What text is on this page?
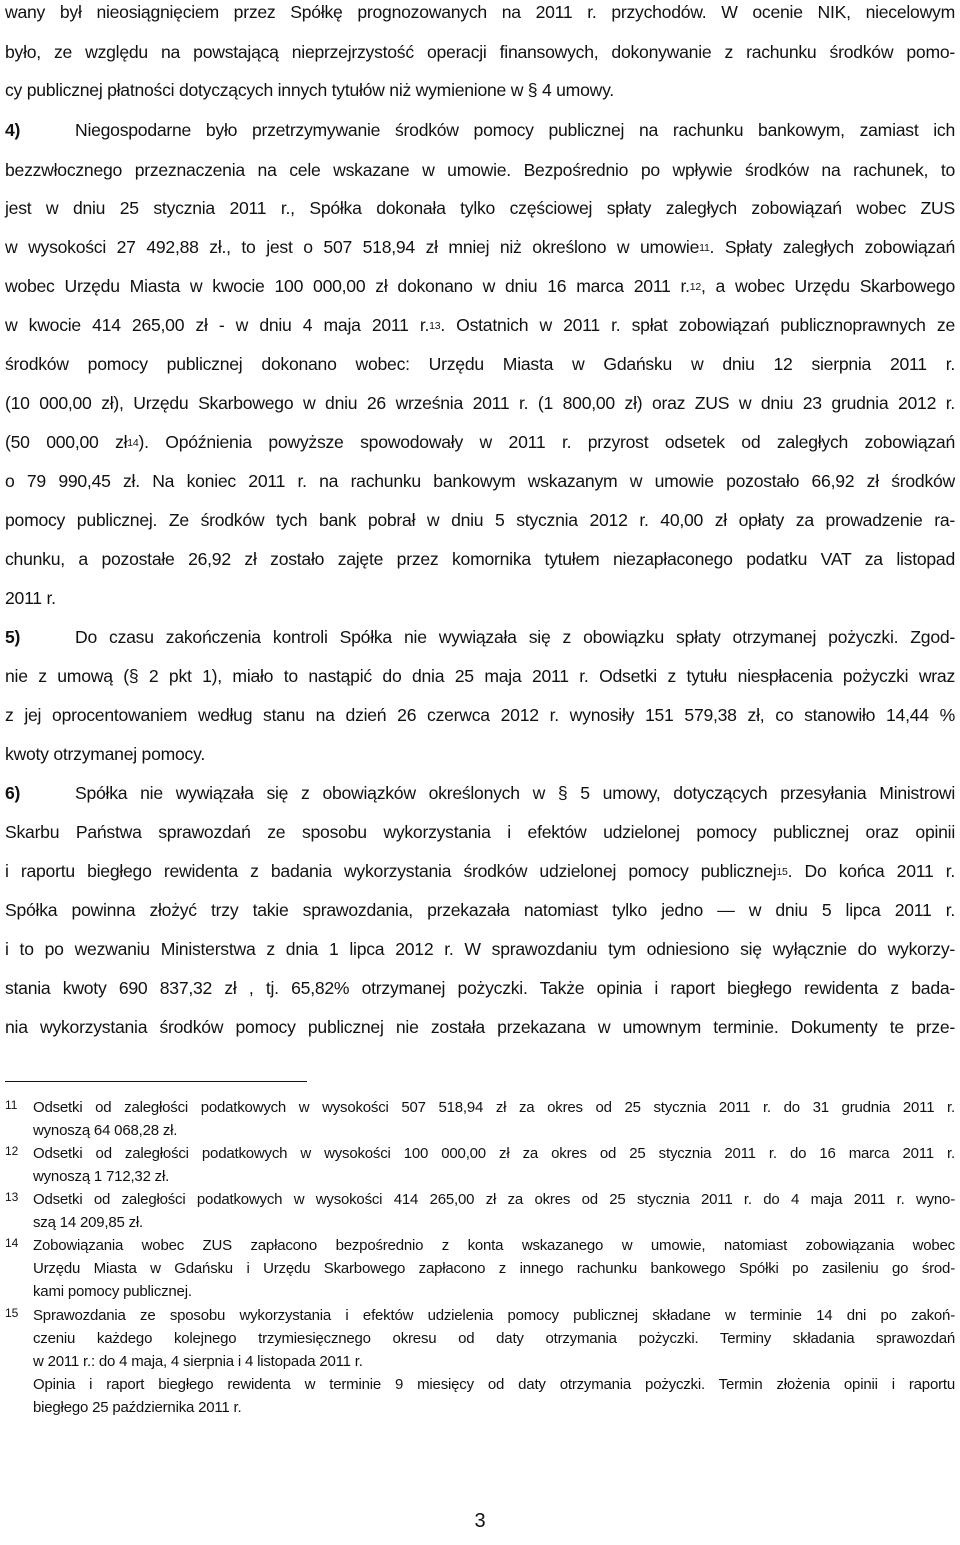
wany był nieosiągnięciem przez Spółkę prognozowanych na 2011 r. przychodów. W ocenie NIK, niecelowym
było, ze względu na powstającą nieprzejrzystość operacji finansowych, dokonywanie z rachunku środków pomo-
cy publicznej płatności dotyczących innych tytułów niż wymienione w § 4 umowy.
4)	Niegospodarne było przetrzymywanie środków pomocy publicznej na rachunku bankowym, zamiast ich
bezzwłocznego przeznaczenia na cele wskazane w umowie. Bezpośrednio po wpływie środków na rachunek, to
jest w dniu 25 stycznia 2011 r., Spółka dokonała tylko częściowej spłaty zaległych zobowiązań wobec ZUS
w wysokości 27 492,88 zł., to jest o 507 518,94 zł mniej niż określono w umowie$^{11}$. Spłaty zaległych zobowiązań
wobec Urzędu Miasta w kwocie 100 000,00 zł dokonano w dniu 16 marca 2011 r.$^{12}$, a wobec Urzędu Skarbowego
w kwocie 414 265,00 zł - w dniu 4 maja 2011 r.$^{13}$. Ostatnich w 2011 r. spłat zobowiązań publicznoprawnych ze
środków pomocy publicznej dokonano wobec: Urzędu Miasta w Gdańsku w dniu 12 sierpnia 2011 r.
(10 000,00 zł), Urzędu Skarbowego w dniu 26 września 2011 r. (1 800,00 zł) oraz ZUS w dniu 23 grudnia 2012 r.
(50 000,00 $zł^{14}$). Opóźnienia powyższe spowodowały w 2011 r. przyrost odsetek od zaległych zobowiązań
o 79 990,45 zł. Na koniec 2011 r. na rachunku bankowym wskazanym w umowie pozostało 66,92 zł środków
pomocy publicznej. Ze środków tych bank pobrał w dniu 5 stycznia 2012 r. 40,00 zł opłaty za prowadzenie ra-
chunku, a pozostałe 26,92 zł zostało zajęte przez komornika tytułem niezapłaconego podatku VAT za listopad
2011 r.
5)	Do czasu zakończenia kontroli Spółka nie wywiązała się z obowiązku spłaty otrzymanej pożyczki. Zgod-
nie z umową (§ 2 pkt 1), miało to nastąpić do dnia 25 maja 2011 r. Odsetki z tytułu niespłacenia pożyczki wraz
z jej oprocentowaniem według stanu na dzień 26 czerwca 2012 r. wynosiły 151 579,38 zł, co stanowiło 14,44 %
kwoty otrzymanej pomocy.
6)	Spółka nie wywiązała się z obowiązków określonych w § 5 umowy, dotyczących przesyłania Ministrowi
Skarbu Państwa sprawozdań ze sposobu wykorzystania i efektów udzielonej pomocy publicznej oraz opinii
i raportu biegłego rewidenta z badania wykorzystania środków udzielonej pomocy publicznej$^{15}$. Do końca 2011 r.
Spółka powinna złożyć trzy takie sprawozdania, przekazała natomiast tylko jedno — w dniu 5 lipca 2011 r.
i to po wezwaniu Ministerstwa z dnia 1 lipca 2012 r. W sprawozdaniu tym odniesiono się wyłącznie do wykorzy-
stania kwoty 690 837,32 zł , tj. 65,82% otrzymanej pożyczki. Także opinia i raport biegłego rewidenta z bada-
nia wykorzystania środków pomocy publicznej nie została przekazana w umownym terminie. Dokumenty te prze-
11 Odsetki od zaległości podatkowych w wysokości 507 518,94 zł za okres od 25 stycznia 2011 r. do 31 grudnia 2011 r.
wynoszą 64 068,28 zł.
12 Odsetki od zaległości podatkowych w wysokości 100 000,00 zł za okres od 25 stycznia 2011 r. do 16 marca 2011 r.
wynoszą 1 712,32 zł.
13 Odsetki od zaległości podatkowych w wysokości 414 265,00 zł za okres od 25 stycznia 2011 r. do 4 maja 2011 r. wyno-
szą 14 209,85 zł.
14 Zobowiązania wobec ZUS zapłacono bezpośrednio z konta wskazanego w umowie, natomiast zobowiązania wobec
Urzędu Miasta w Gdańsku i Urzędu Skarbowego zapłacono z innego rachunku bankowego Spółki po zasileniu go środ-
kami pomocy publicznej.
15 Sprawozdania ze sposobu wykorzystania i efektów udzielenia pomocy publicznej składane w terminie 14 dni po zakoń-
czeniu każdego kolejnego trzymiesięcznego okresu od daty otrzymania pożyczki. Terminy składania sprawozdań
w 2011 r.: do 4 maja, 4 sierpnia i 4 listopada 2011 r.
Opinia i raport biegłego rewidenta w terminie 9 miesięcy od daty otrzymania pożyczki. Termin złożenia opinii i raportu
biegłego 25 października 2011 r.
3
